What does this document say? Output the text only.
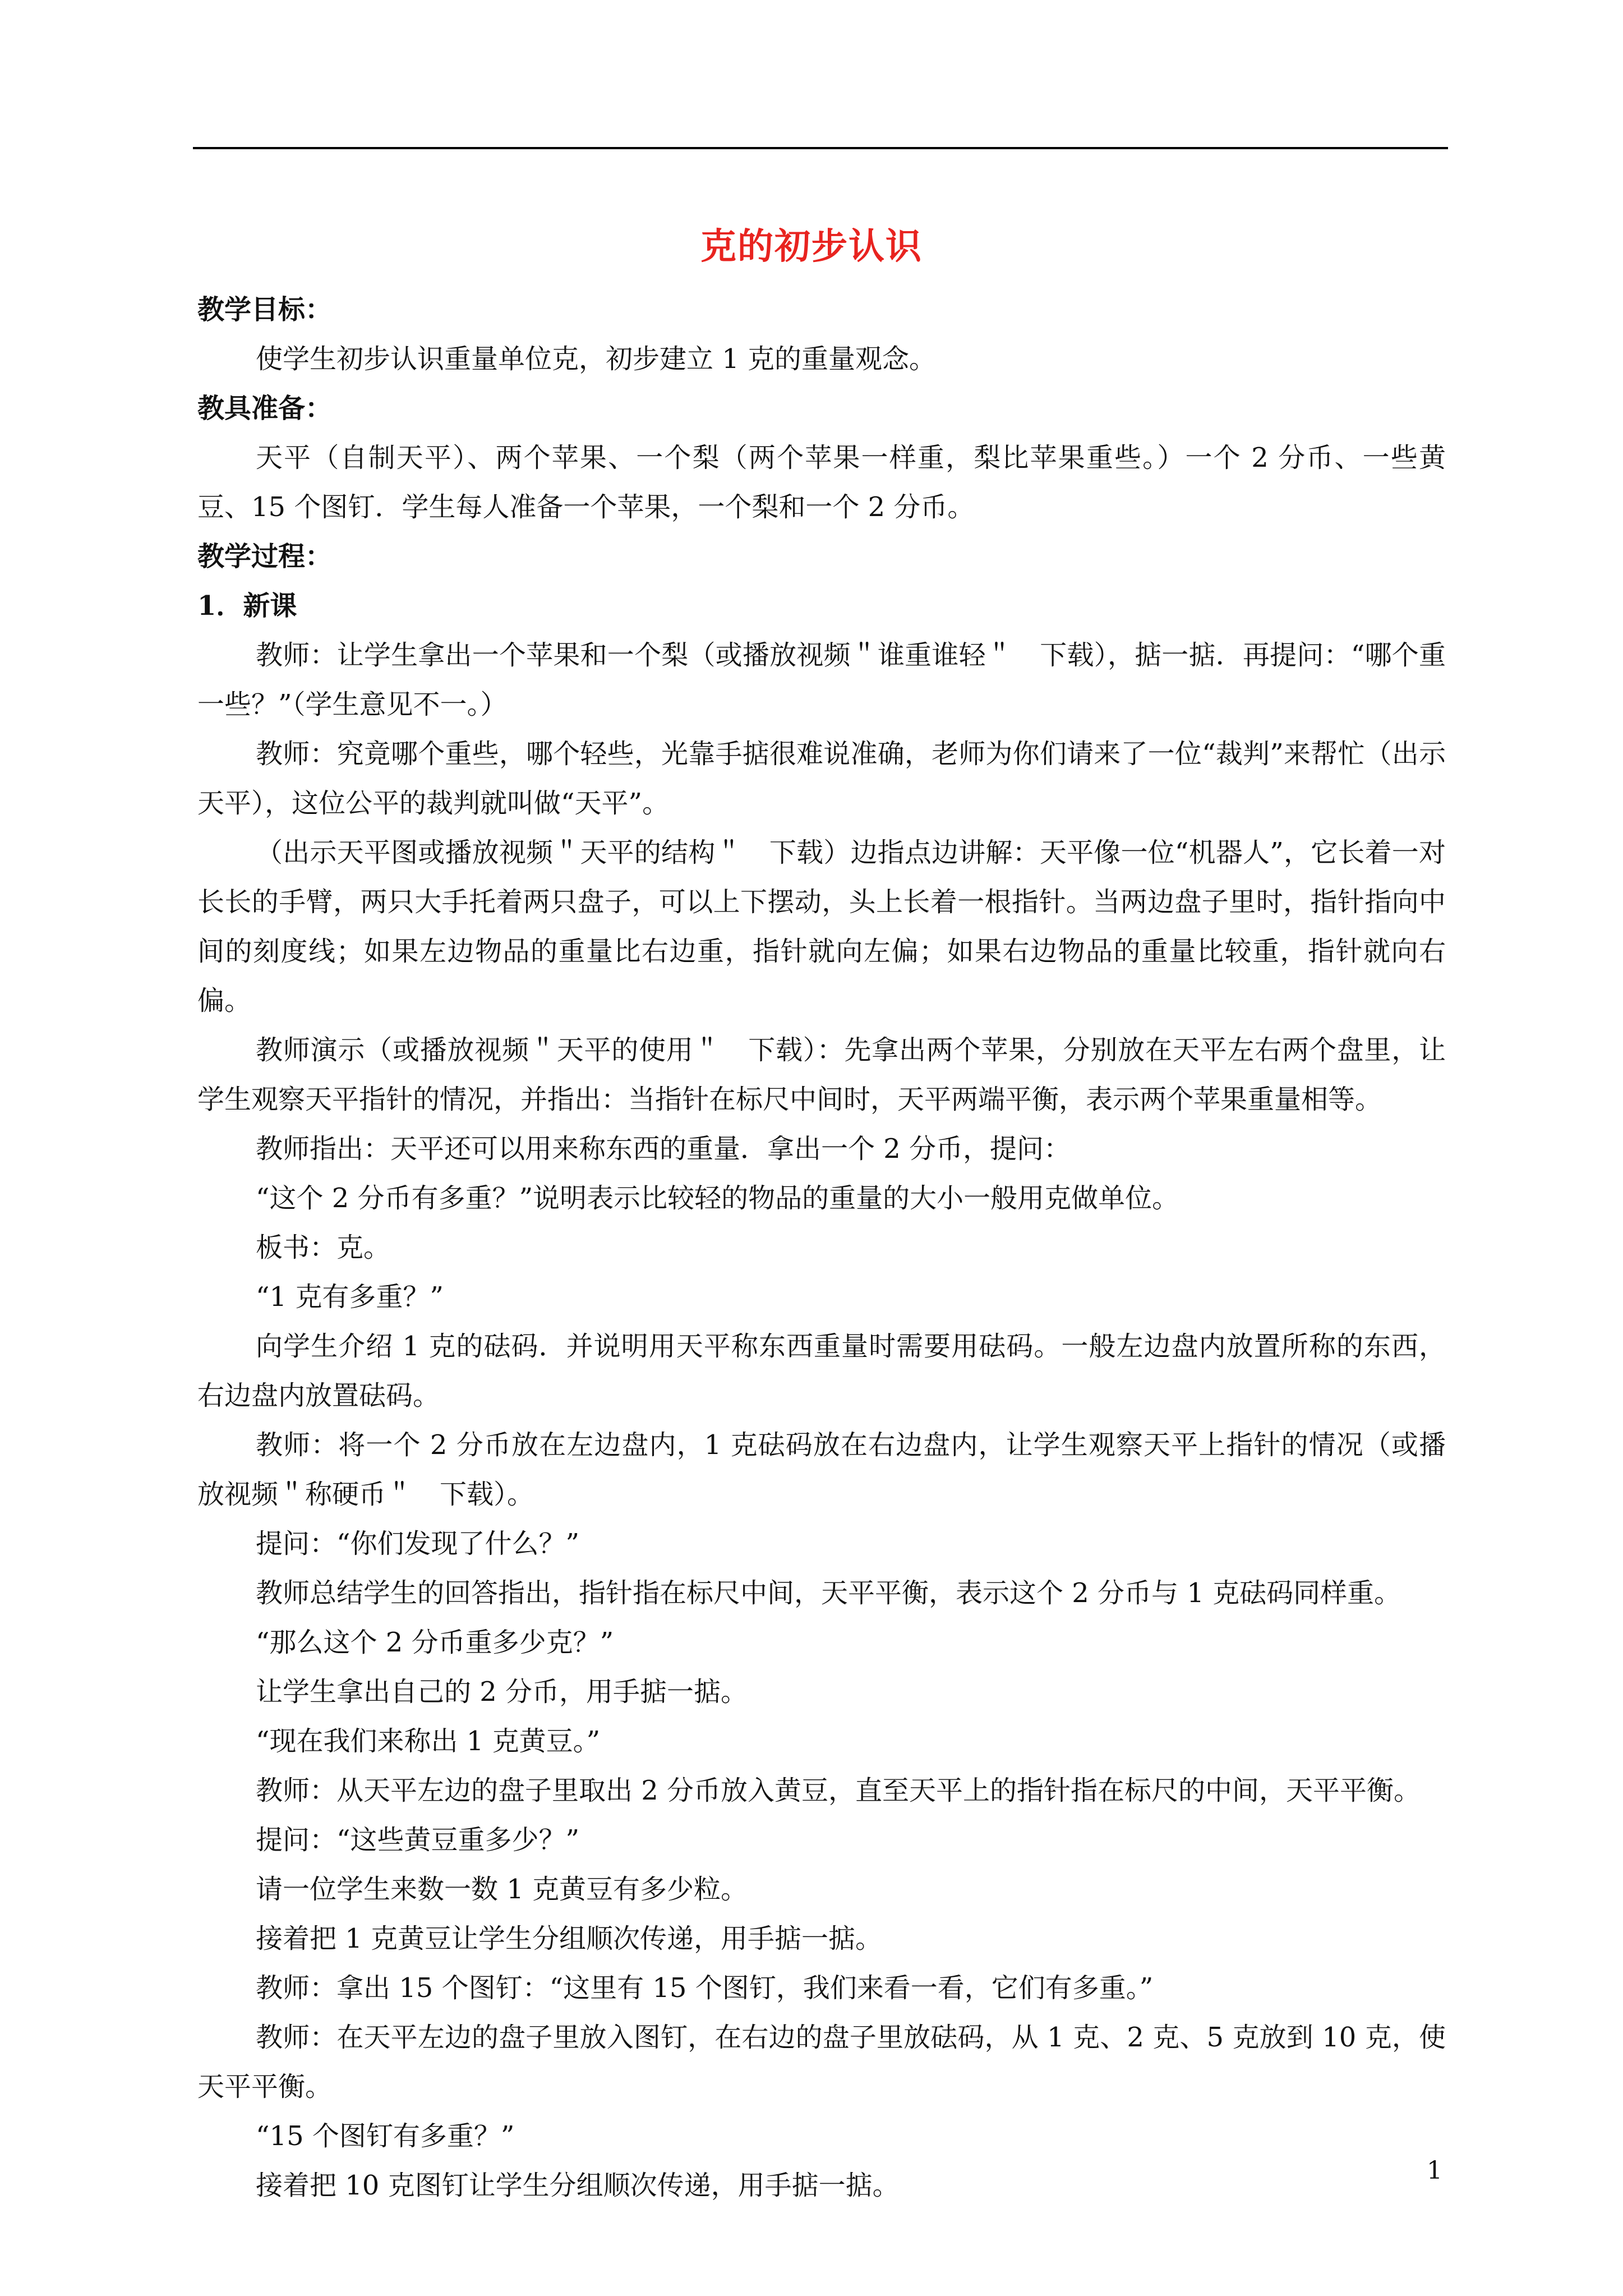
克的初步认识
教学目标：

使学生初步认识重量单位克，初步建立 1 克的重量观念。

教具准备：

天平（自制天平）、两个苹果、一个梨（两个苹果一样重，梨比苹果重些。）一个 2 分币、一些黄豆、15 个图钉．学生每人准备一个苹果，一个梨和一个 2 分币。

教学过程：
1．新课

教师：让学生拿出一个苹果和一个梨（或播放视频＂谁重谁轻＂　下载），掂一掂．再提问：“哪个重一些？”（学生意见不一。）

教师：究竟哪个重些，哪个轻些，光靠手掂很难说准确，老师为你们请来了一位“裁判”来帮忙（出示天平），这位公平的裁判就叫做“天平”。

（出示天平图或播放视频＂天平的结构＂　下载）边指点边讲解：天平像一位“机器人”，它长着一对长长的手臂，两只大手托着两只盘子，可以上下摆动，头上长着一根指针。当两边盘子里时，指针指向中间的刻度线；如果左边物品的重量比右边重，指针就向左偏；如果右边物品的重量比较重，指针就向右偏。

教师演示（或播放视频＂天平的使用＂　下载）：先拿出两个苹果，分别放在天平左右两个盘里，让学生观察天平指针的情况，并指出：当指针在标尺中间时，天平两端平衡，表示两个苹果重量相等。

教师指出：天平还可以用来称东西的重量．拿出一个 2 分币，提问：

“这个 2 分币有多重？”说明表示比较轻的物品的重量的大小一般用克做单位。

板书：克。

“1 克有多重？”

向学生介绍 1 克的砝码．并说明用天平称东西重量时需要用砝码。一般左边盘内放置所称的东西，右边盘内放置砝码。

教师：将一个 2 分币放在左边盘内，1 克砝码放在右边盘内，让学生观察天平上指针的情况（或播放视频＂称硬币＂　下载）。

提问：“你们发现了什么？”

教师总结学生的回答指出，指针指在标尺中间，天平平衡，表示这个 2 分币与 1 克砝码同样重。

“那么这个 2 分币重多少克？”

让学生拿出自己的 2 分币，用手掂一掂。

“现在我们来称出 1 克黄豆。”

教师：从天平左边的盘子里取出 2 分币放入黄豆，直至天平上的指针指在标尺的中间，天平平衡。

提问：“这些黄豆重多少？”

请一位学生来数一数 1 克黄豆有多少粒。

接着把 1 克黄豆让学生分组顺次传递，用手掂一掂。

教师：拿出 15 个图钉：“这里有 15 个图钉，我们来看一看，它们有多重。”

教师：在天平左边的盘子里放入图钉，在右边的盘子里放砝码，从 1 克、2 克、5 克放到 10 克，使天平平衡。

“15 个图钉有多重？”

接着把 10 克图钉让学生分组顺次传递，用手掂一掂。	1
